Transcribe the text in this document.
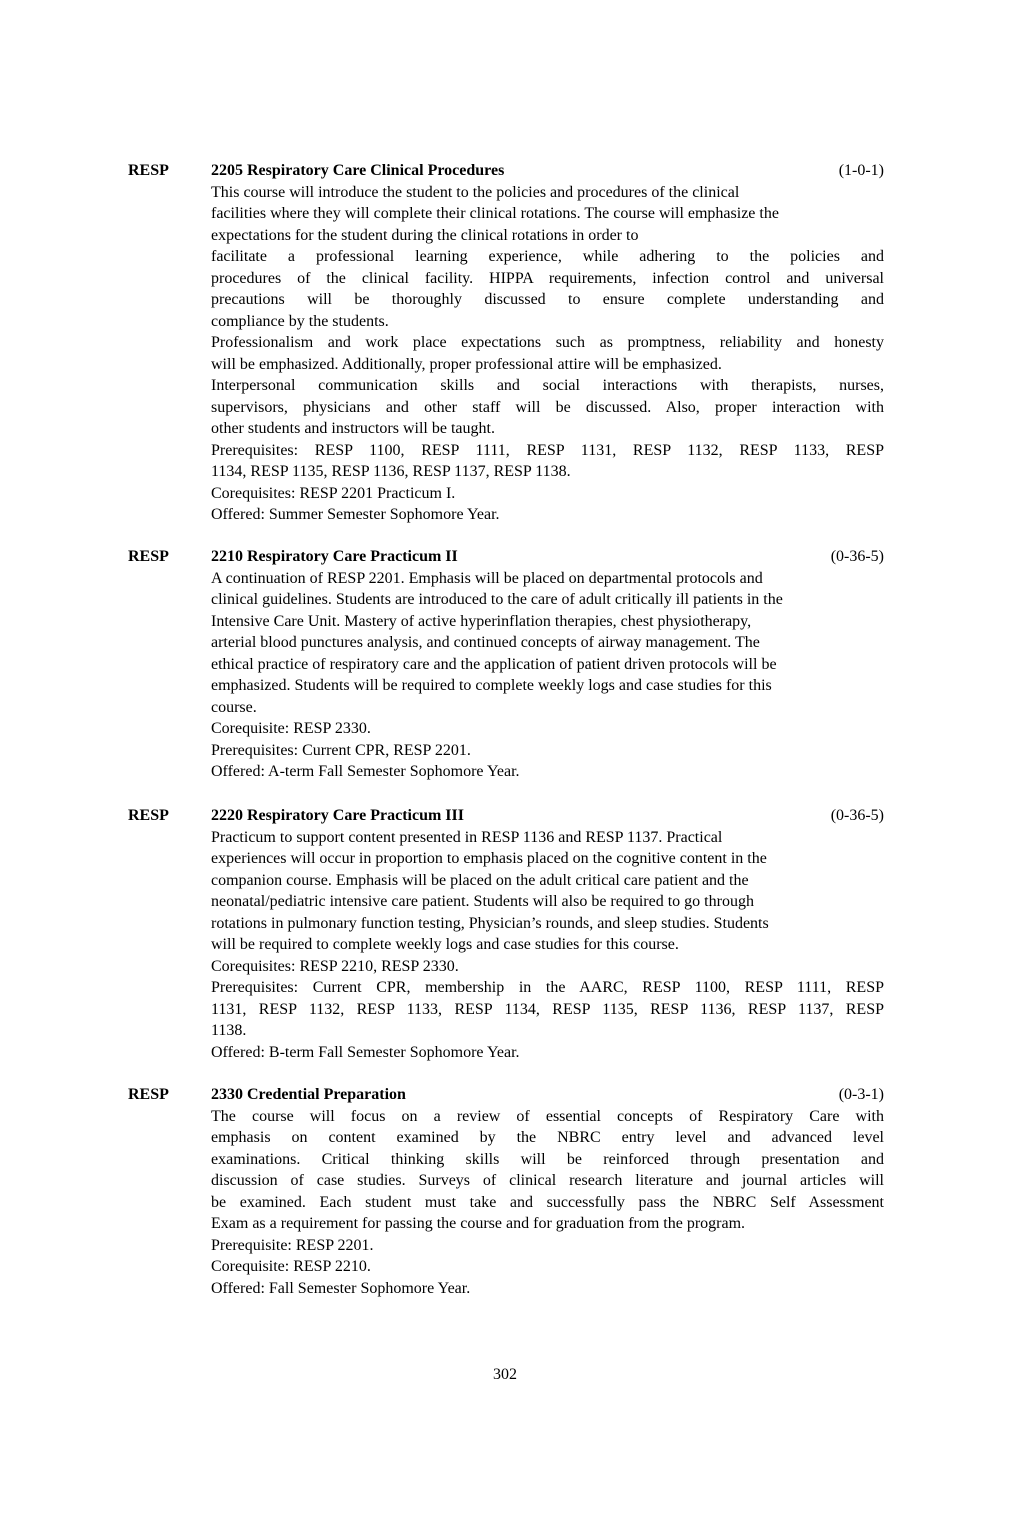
RESP	2205 Respiratory Care Clinical Procedures	(1-0-1)
This course will introduce the student to the policies and procedures of the clinical
facilities where they will complete their clinical rotations. The course will emphasize the
expectations for the student during the clinical rotations in order to
facilitate a professional learning experience, while adhering to the policies and
procedures of the clinical facility. HIPPA requirements, infection control and universal
precautions will be thoroughly discussed to ensure complete understanding and
compliance by the students.
Professionalism and work place expectations such as promptness, reliability and honesty
will be emphasized. Additionally, proper professional attire will be emphasized.
Interpersonal communication skills and social interactions with therapists, nurses,
supervisors, physicians and other staff will be discussed. Also, proper interaction with
other students and instructors will be taught.
Prerequisites: RESP 1100, RESP 1111, RESP 1131, RESP 1132, RESP 1133, RESP
1134, RESP 1135, RESP 1136, RESP 1137, RESP 1138.
Corequisites: RESP 2201 Practicum I.
Offered: Summer Semester Sophomore Year.
RESP	2210 Respiratory Care Practicum II	(0-36-5)
A continuation of RESP 2201. Emphasis will be placed on departmental protocols and
clinical guidelines. Students are introduced to the care of adult critically ill patients in the
Intensive Care Unit. Mastery of active hyperinflation therapies, chest physiotherapy,
arterial blood punctures analysis, and continued concepts of airway management. The
ethical practice of respiratory care and the application of patient driven protocols will be
emphasized. Students will be required to complete weekly logs and case studies for this
course.
Corequisite: RESP 2330.
Prerequisites: Current CPR, RESP 2201.
Offered: A-term Fall Semester Sophomore Year.
RESP	2220 Respiratory Care Practicum III	(0-36-5)
Practicum to support content presented in RESP 1136 and RESP 1137. Practical
experiences will occur in proportion to emphasis placed on the cognitive content in the
companion course. Emphasis will be placed on the adult critical care patient and the
neonatal/pediatric intensive care patient. Students will also be required to go through
rotations in pulmonary function testing, Physician’s rounds, and sleep studies. Students
will be required to complete weekly logs and case studies for this course.
Corequisites: RESP 2210, RESP 2330.
Prerequisites: Current CPR, membership in the AARC, RESP 1100, RESP 1111, RESP
1131, RESP 1132, RESP 1133, RESP 1134, RESP 1135, RESP 1136, RESP 1137, RESP
1138.
Offered: B-term Fall Semester Sophomore Year.
RESP	2330 Credential Preparation	(0-3-1)
The course will focus on a review of essential concepts of Respiratory Care with
emphasis on content examined by the NBRC entry level and advanced level
examinations. Critical thinking skills will be reinforced through presentation and
discussion of case studies. Surveys of clinical research literature and journal articles will
be examined. Each student must take and successfully pass the NBRC Self Assessment
Exam as a requirement for passing the course and for graduation from the program.
Prerequisite: RESP 2201.
Corequisite: RESP 2210.
Offered: Fall Semester Sophomore Year.
302
